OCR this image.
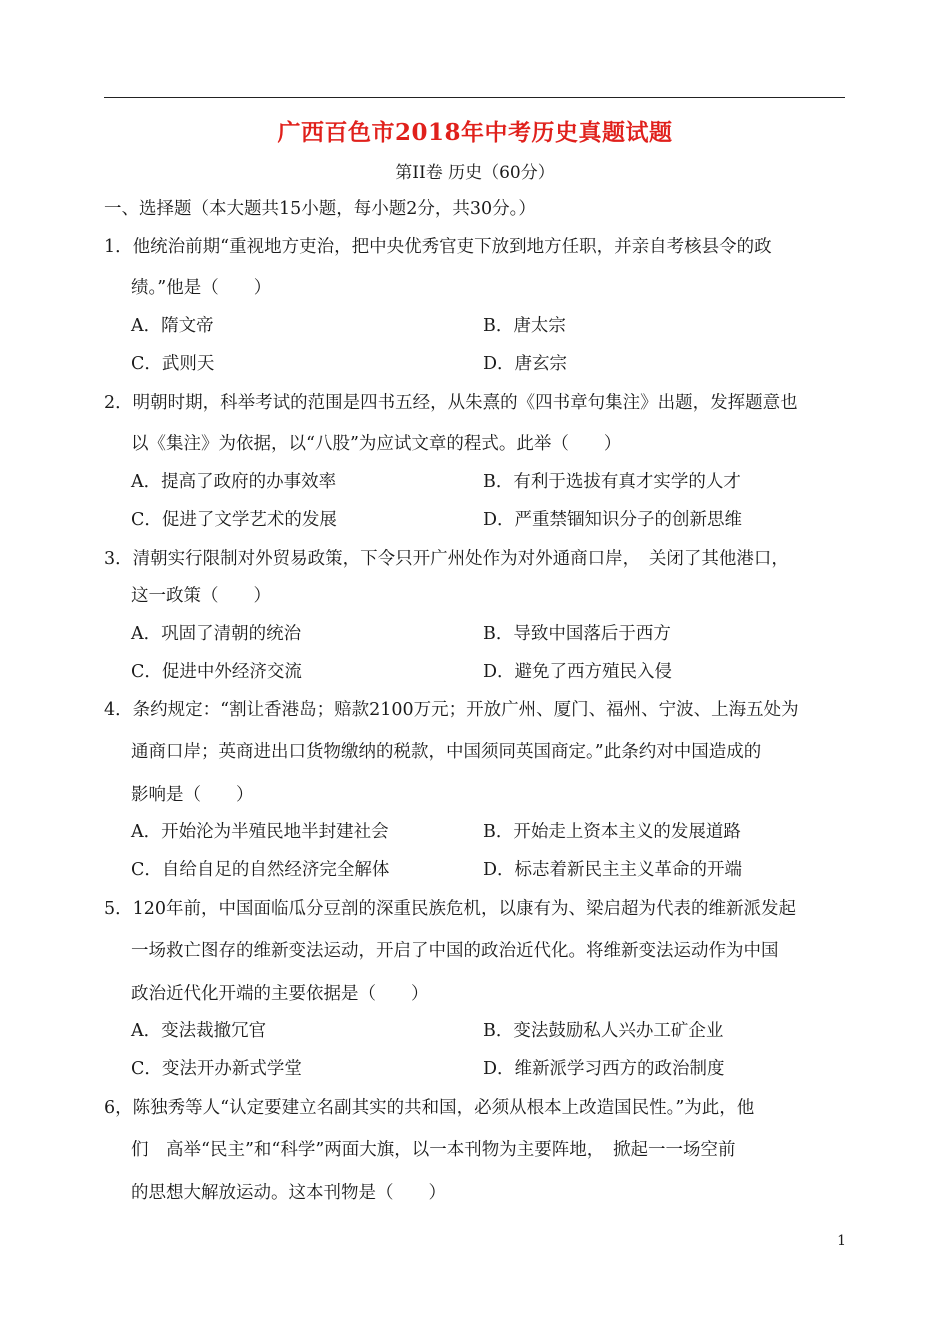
广西百色市2018年中考历史真题试题
第II卷 历史（60分）
一、选择题（本大题共15小题，每小题2分，共30分。）
1．他统治前期“重视地方吏治，把中央优秀官吏下放到地方任职，并亲自考核县令的政
绩。”他是（　　）
A．隋文帝	B．唐太宗
C．武则天	D．唐玄宗
2．明朝时期，科举考试的范围是四书五经，从朱熹的《四书章句集注》出题，发挥题意也
以《集注》为依据，以“八股”为应试文章的程式。此举（　　）
A．提高了政府的办事效率	B．有利于选拔有真才实学的人才
C．促进了文学艺术的发展	D．严重禁锢知识分子的创新思维
3．清朝实行限制对外贸易政策，下令只开广州处作为对外通商口岸，　关闭了其他港口，
这一政策（　　）
A．巩固了清朝的统治	B．导致中国落后于西方
C．促进中外经济交流	D．避免了西方殖民入侵
4．条约规定：“割让香港岛；赔款2100万元；开放广州、厦门、福州、宁波、上海五处为
通商口岸；英商进出口货物缴纳的税款，中国须同英国商定。”此条约对中国造成的
影响是（　　）
A．开始沦为半殖民地半封建社会	B．开始走上资本主义的发展道路
C．自给自足的自然经济完全解体	D．标志着新民主主义革命的开端
5．120年前，中国面临瓜分豆剖的深重民族危机，以康有为、梁启超为代表的维新派发起
一场救亡图存的维新变法运动，开启了中国的政治近代化。将维新变法运动作为中国
政治近代化开端的主要依据是（　　）
A．变法裁撤冗官	B．变法鼓励私人兴办工矿企业
C．变法开办新式学堂	D．维新派学习西方的政治制度
6，陈独秀等人“认定要建立名副其实的共和国，必须从根本上改造国民性。”为此，他
们　高举“民主”和“科学”两面大旗，以一本刊物为主要阵地，　掀起一一场空前
的思想大解放运动。这本刊物是（　　）
1
